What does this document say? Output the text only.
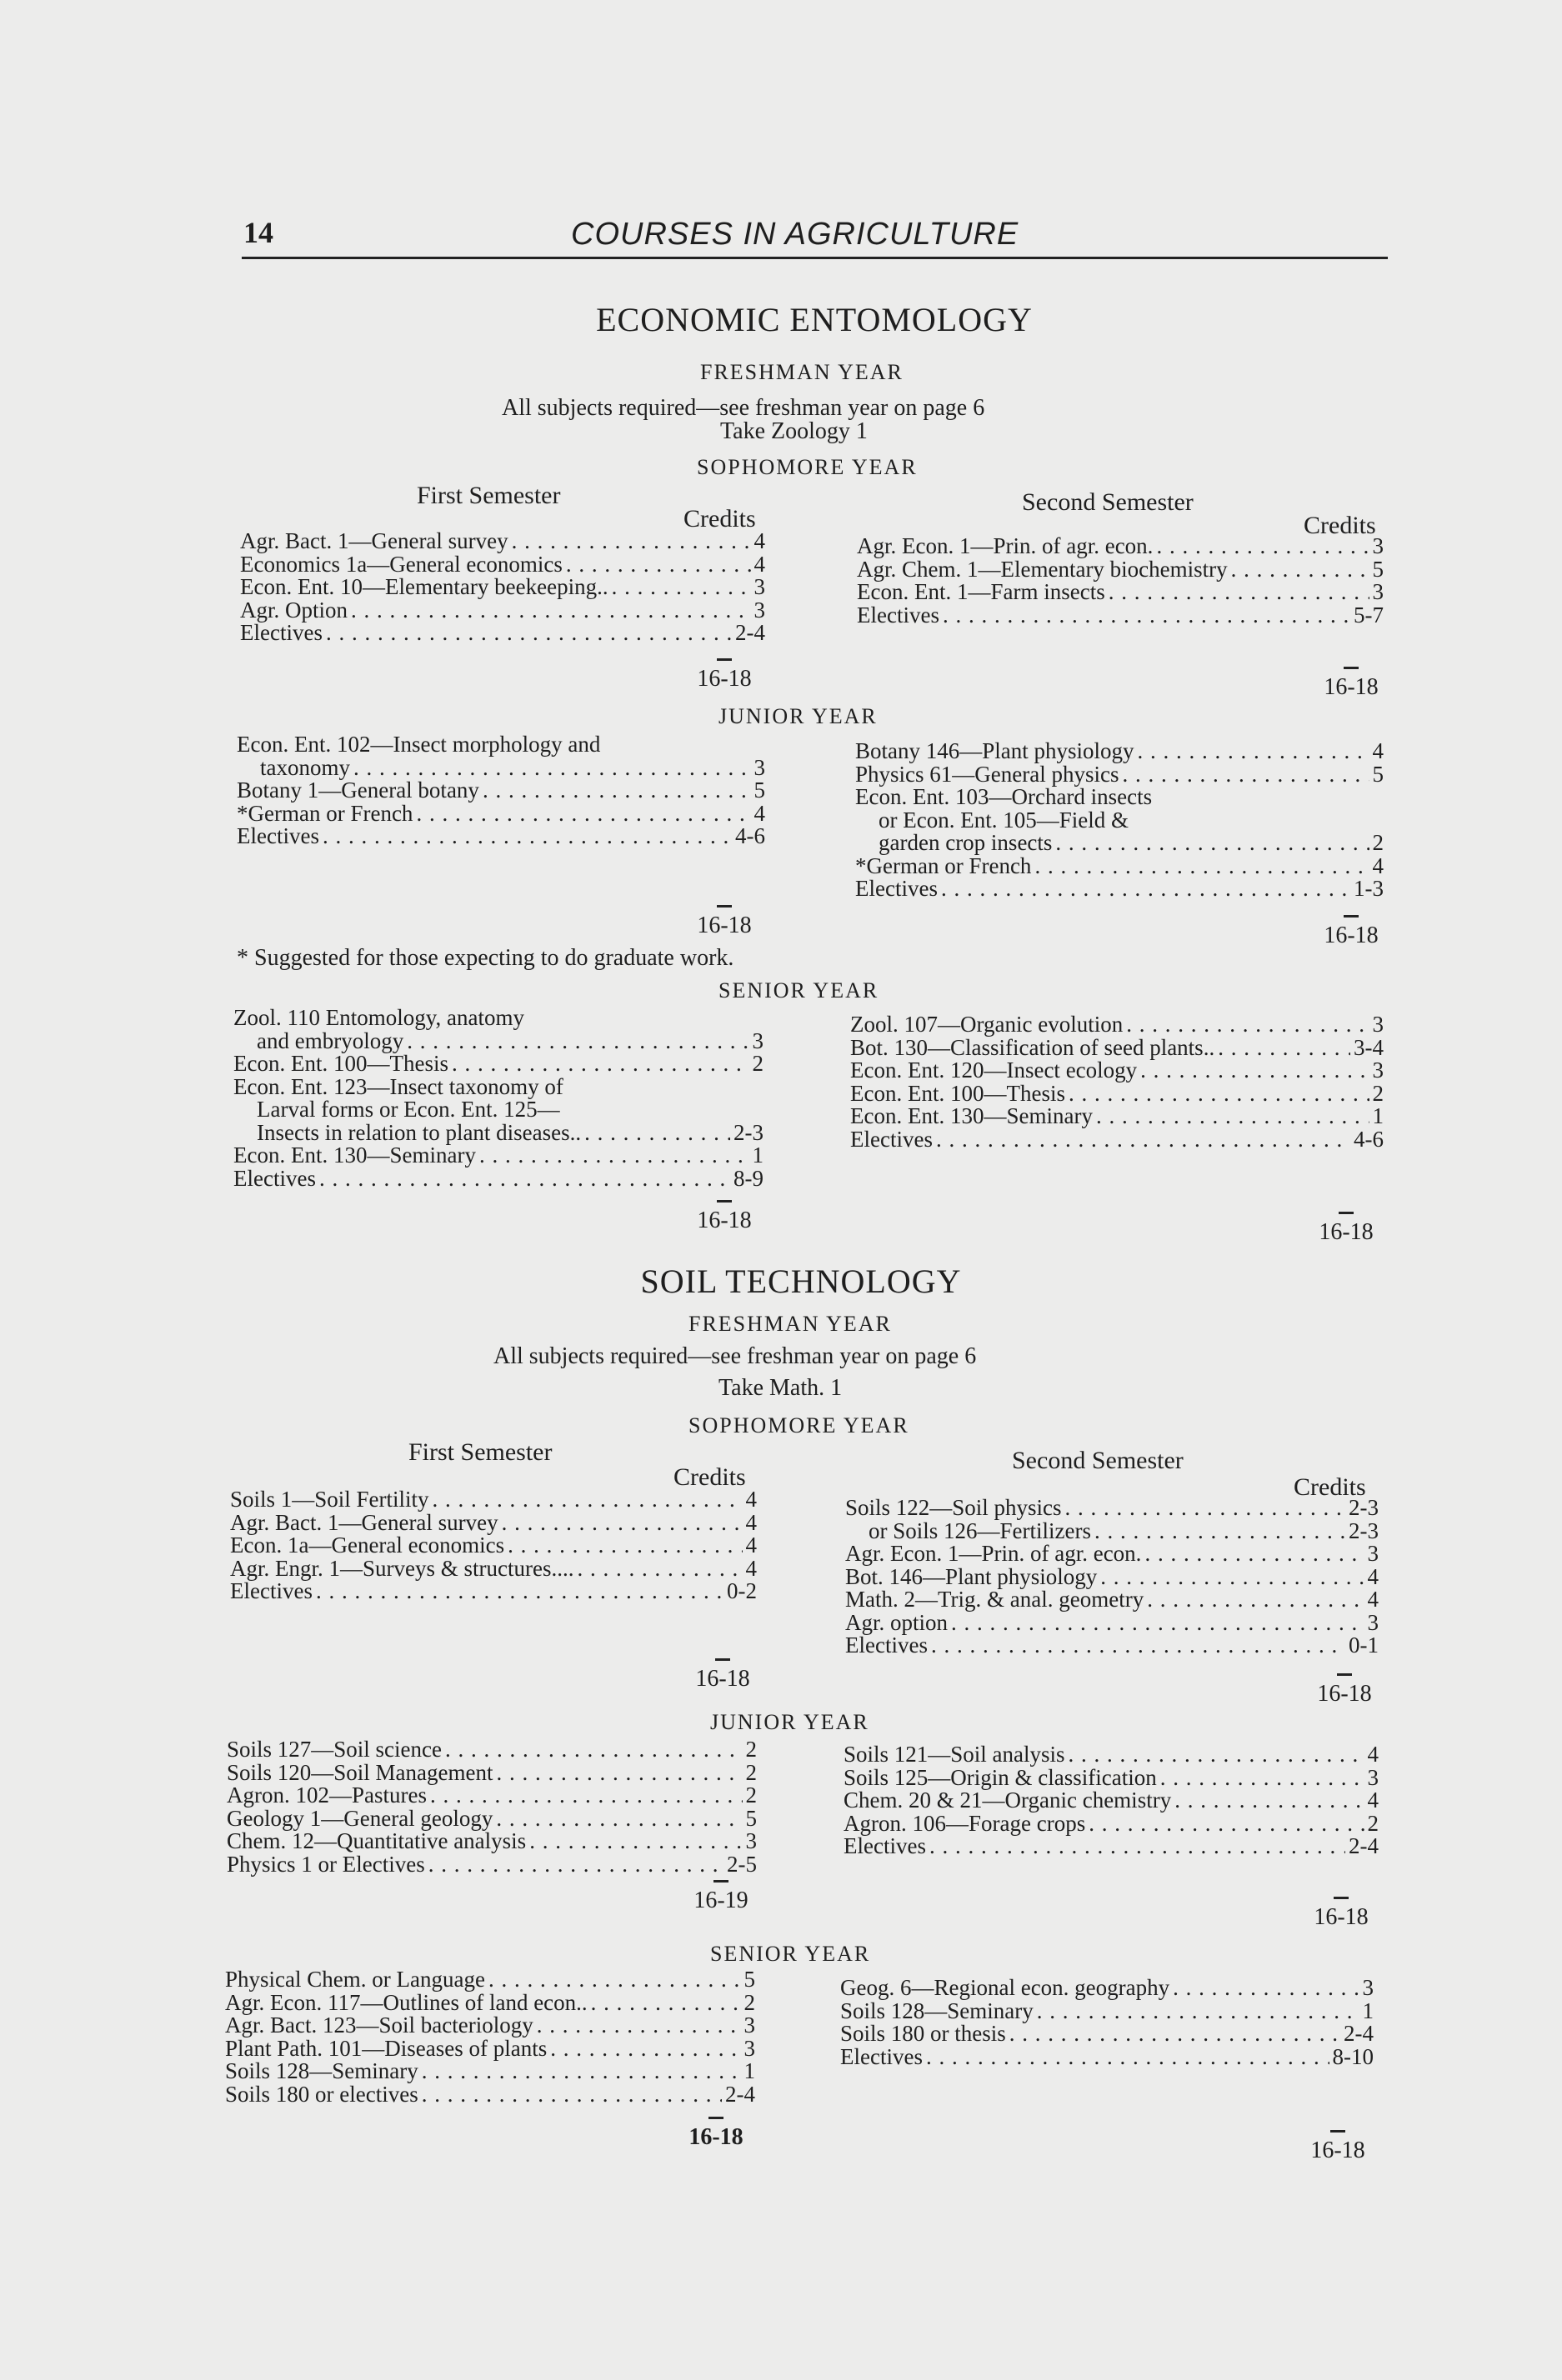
14	COURSES IN AGRICULTURE
ECONOMIC ENTOMOLOGY
FRESHMAN YEAR
All subjects required—see freshman year on page 6
Take Zoology 1
SOPHOMORE YEAR
First Semester	Second Semester
Credits	Credits
Agr. Bact. 1—General survey . . .	4
Economics 1a—General economics . . .	4
Econ. Ent. 10—Elementary beekeeping.. . . .	3
Agr. Option . . .	3
Electives . . .	2-4
Agr. Econ. 1—Prin. of agr. econ. . . .	3
Agr. Chem. 1—Elementary biochemistry . . .	5
Econ. Ent. 1—Farm insects . . .	3
Electives . . .	5-7
16-18	16-18
JUNIOR YEAR
Econ. Ent. 102—Insect morphology and
taxonomy . . .	3
Botany 1—General botany . . .	5
*German or French . . .	4
Electives . . .	4-6
Botany 146—Plant physiology . . .	4
Physics 61—General physics . . .	5
Econ. Ent. 103—Orchard insects
or Econ. Ent. 105—Field &
garden crop insects . . .	2
*German or French . . .	4
Electives . . .	1-3
16-18	16-18
* Suggested for those expecting to do graduate work.
SENIOR YEAR
Zool. 110 Entomology, anatomy
and embryology . . .	3
Econ. Ent. 100—Thesis . . .	2
Econ. Ent. 123—Insect taxonomy of
Larval forms or Econ. Ent. 125—
Insects in relation to plant diseases.. . . .	2-3
Econ. Ent. 130—Seminary . . .	1
Electives . . .	8-9
Zool. 107—Organic evolution . . .	3
Bot. 130—Classification of seed plants.. . . .	3-4
Econ. Ent. 120—Insect ecology . . .	3
Econ. Ent. 100—Thesis . . .	2
Econ. Ent. 130—Seminary . . .	1
Electives . . .	4-6
16-18	16-18
SOIL TECHNOLOGY
FRESHMAN YEAR
All subjects required—see freshman year on page 6
Take Math. 1
SOPHOMORE YEAR
First Semester	Second Semester
Credits	Credits
Soils 1—Soil Fertility . . .	4
Agr. Bact. 1—General survey . . .	4
Econ. 1a—General economics . . .	4
Agr. Engr. 1—Surveys & structures.... . . .	4
Electives . . .	0-2
Soils 122—Soil physics . . .	2-3
or Soils 126—Fertilizers . . .	2-3
Agr. Econ. 1—Prin. of agr. econ. . . .	3
Bot. 146—Plant physiology . . .	4
Math. 2—Trig. & anal. geometry . . .	4
Agr. option . . .	3
Electives . . .	0-1
16-18
16-18
JUNIOR YEAR
Soils 127—Soil science . . .	2
Soils 120—Soil Management . . .	2
Agron. 102—Pastures . . .	2
Geology 1—General geology . . .	5
Chem. 12—Quantitative analysis . . .	3
Physics 1 or Electives . . .	2-5
Soils 121—Soil analysis . . .	4
Soils 125—Origin & classification . . .	3
Chem. 20 & 21—Organic chemistry . . .	4
Agron. 106—Forage crops . . .	2
Electives . . .	2-4
16-19
16-18
SENIOR YEAR
Physical Chem. or Language . . .	5
Agr. Econ. 117—Outlines of land econ.. . . .	2
Agr. Bact. 123—Soil bacteriology . . .	3
Plant Path. 101—Diseases of plants . . .	3
Soils 128—Seminary . . .	1
Soils 180 or electives . . .	2-4
Geog. 6—Regional econ. geography . . .	3
Soils 128—Seminary . . .	1
Soils 180 or thesis . . .	2-4
Electives . . .	8-10
16-18
16-18
